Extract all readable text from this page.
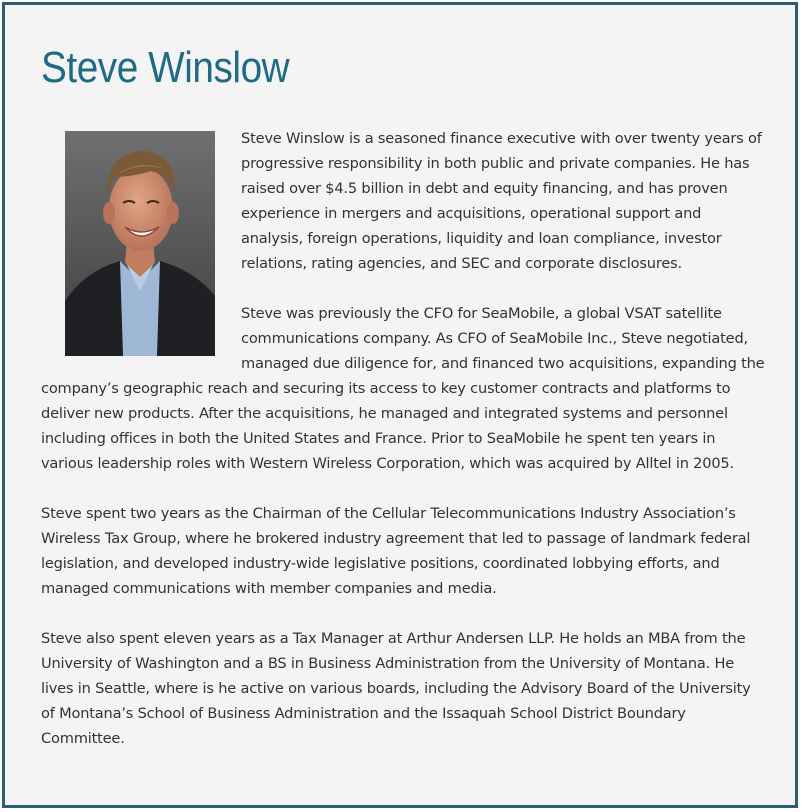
Steve Winslow

Steve Winslow is a seasoned finance executive with over twenty years of progressive responsibility in both public and private companies. He has raised over $4.5 billion in debt and equity financing, and has proven experience in mergers and acquisitions, operational support and analysis, foreign operations, liquidity and loan compliance, investor relations, rating agencies, and SEC and corporate disclosures.

Steve was previously the CFO for SeaMobile, a global VSAT satellite communications company. As CFO of SeaMobile Inc., Steve negotiated, managed due diligence for, and financed two acquisitions, expanding the company’s geographic reach and securing its access to key customer contracts and platforms to deliver new products. After the acquisitions, he managed and integrated systems and personnel including offices in both the United States and France. Prior to SeaMobile he spent ten years in various leadership roles with Western Wireless Corporation, which was acquired by Alltel in 2005.

Steve spent two years as the Chairman of the Cellular Telecommunications Industry Association’s Wireless Tax Group, where he brokered industry agreement that led to passage of landmark federal legislation, and developed industry-wide legislative positions, coordinated lobbying efforts, and managed communications with member companies and media.

Steve also spent eleven years as a Tax Manager at Arthur Andersen LLP. He holds an MBA from the University of Washington and a BS in Business Administration from the University of Montana. He lives in Seattle, where is he active on various boards, including the Advisory Board of the University of Montana’s School of Business Administration and the Issaquah School District Boundary Committee.
